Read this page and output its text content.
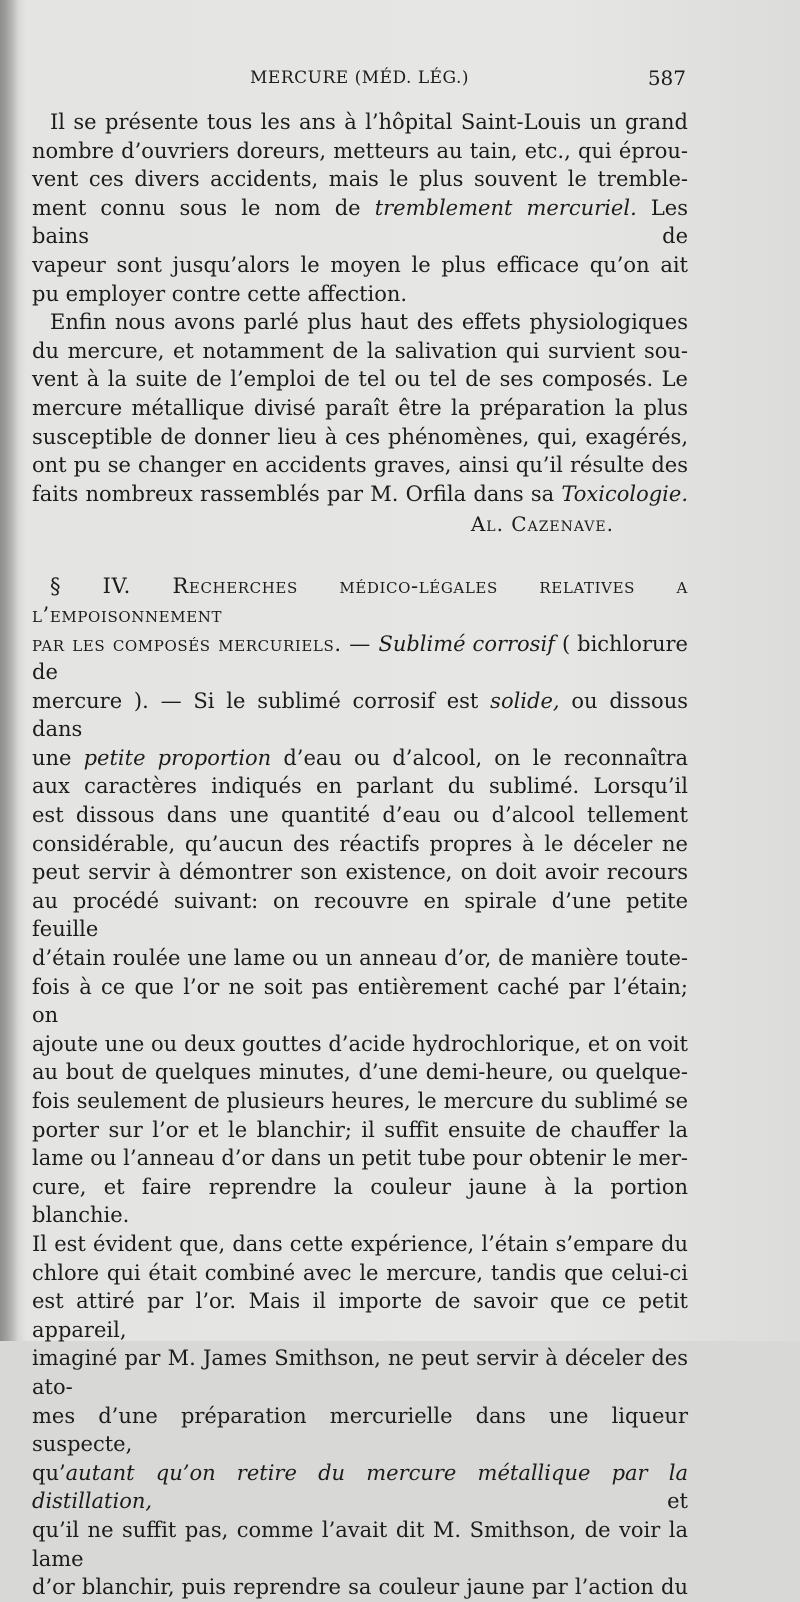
MERCURE (MÉD. LÉG.)	587

Il se présente tous les ans à l’hôpital Saint-Louis un grand

nombre d’ouvriers doreurs, metteurs au tain, etc., qui éprou-

vent ces divers accidents, mais le plus souvent le tremble-

ment connu sous le nom de tremblement mercuriel. Les bains de

vapeur sont jusqu’alors le moyen le plus efficace qu’on ait

pu employer contre cette affection.

Enfin nous avons parlé plus haut des effets physiologiques

du mercure, et notamment de la salivation qui survient sou-

vent à la suite de l’emploi de tel ou tel de ses composés. Le

mercure métallique divisé paraît être la préparation la plus

susceptible de donner lieu à ces phénomènes, qui, exagérés,

ont pu se changer en accidents graves, ainsi qu’il résulte des

faits nombreux rassemblés par M. Orfila dans sa Toxicologie.

Al. Cazenave.

§ IV. Recherches médico-légales relatives a l’empoisonnement

par les composés mercuriels. — Sublimé corrosif ( bichlorure de

mercure ). — Si le sublimé corrosif est solide, ou dissous dans

une petite proportion d’eau ou d’alcool, on le reconnaîtra

aux caractères indiqués en parlant du sublimé. Lorsqu’il

est dissous dans une quantité d’eau ou d’alcool tellement

considérable, qu’aucun des réactifs propres à le déceler ne

peut servir à démontrer son existence, on doit avoir recours

au procédé suivant: on recouvre en spirale d’une petite feuille

d’étain roulée une lame ou un anneau d’or, de manière toute-

fois à ce que l’or ne soit pas entièrement caché par l’étain; on

ajoute une ou deux gouttes d’acide hydrochlorique, et on voit

au bout de quelques minutes, d’une demi-heure, ou quelque-

fois seulement de plusieurs heures, le mercure du sublimé se

porter sur l’or et le blanchir; il suffit ensuite de chauffer la

lame ou l’anneau d’or dans un petit tube pour obtenir le mer-

cure, et faire reprendre la couleur jaune à la portion blanchie.

Il est évident que, dans cette expérience, l’étain s’empare du

chlore qui était combiné avec le mercure, tandis que celui-ci

est attiré par l’or. Mais il importe de savoir que ce petit appareil,

imaginé par M. James Smithson, ne peut servir à déceler des ato-

mes d’une préparation mercurielle dans une liqueur suspecte,

qu’autant qu’on retire du mercure métallique par la distillation, et

qu’il ne suffit pas, comme l’avait dit M. Smithson, de voir la lame

d’or blanchir, puis reprendre sa couleur jaune par l’action du
